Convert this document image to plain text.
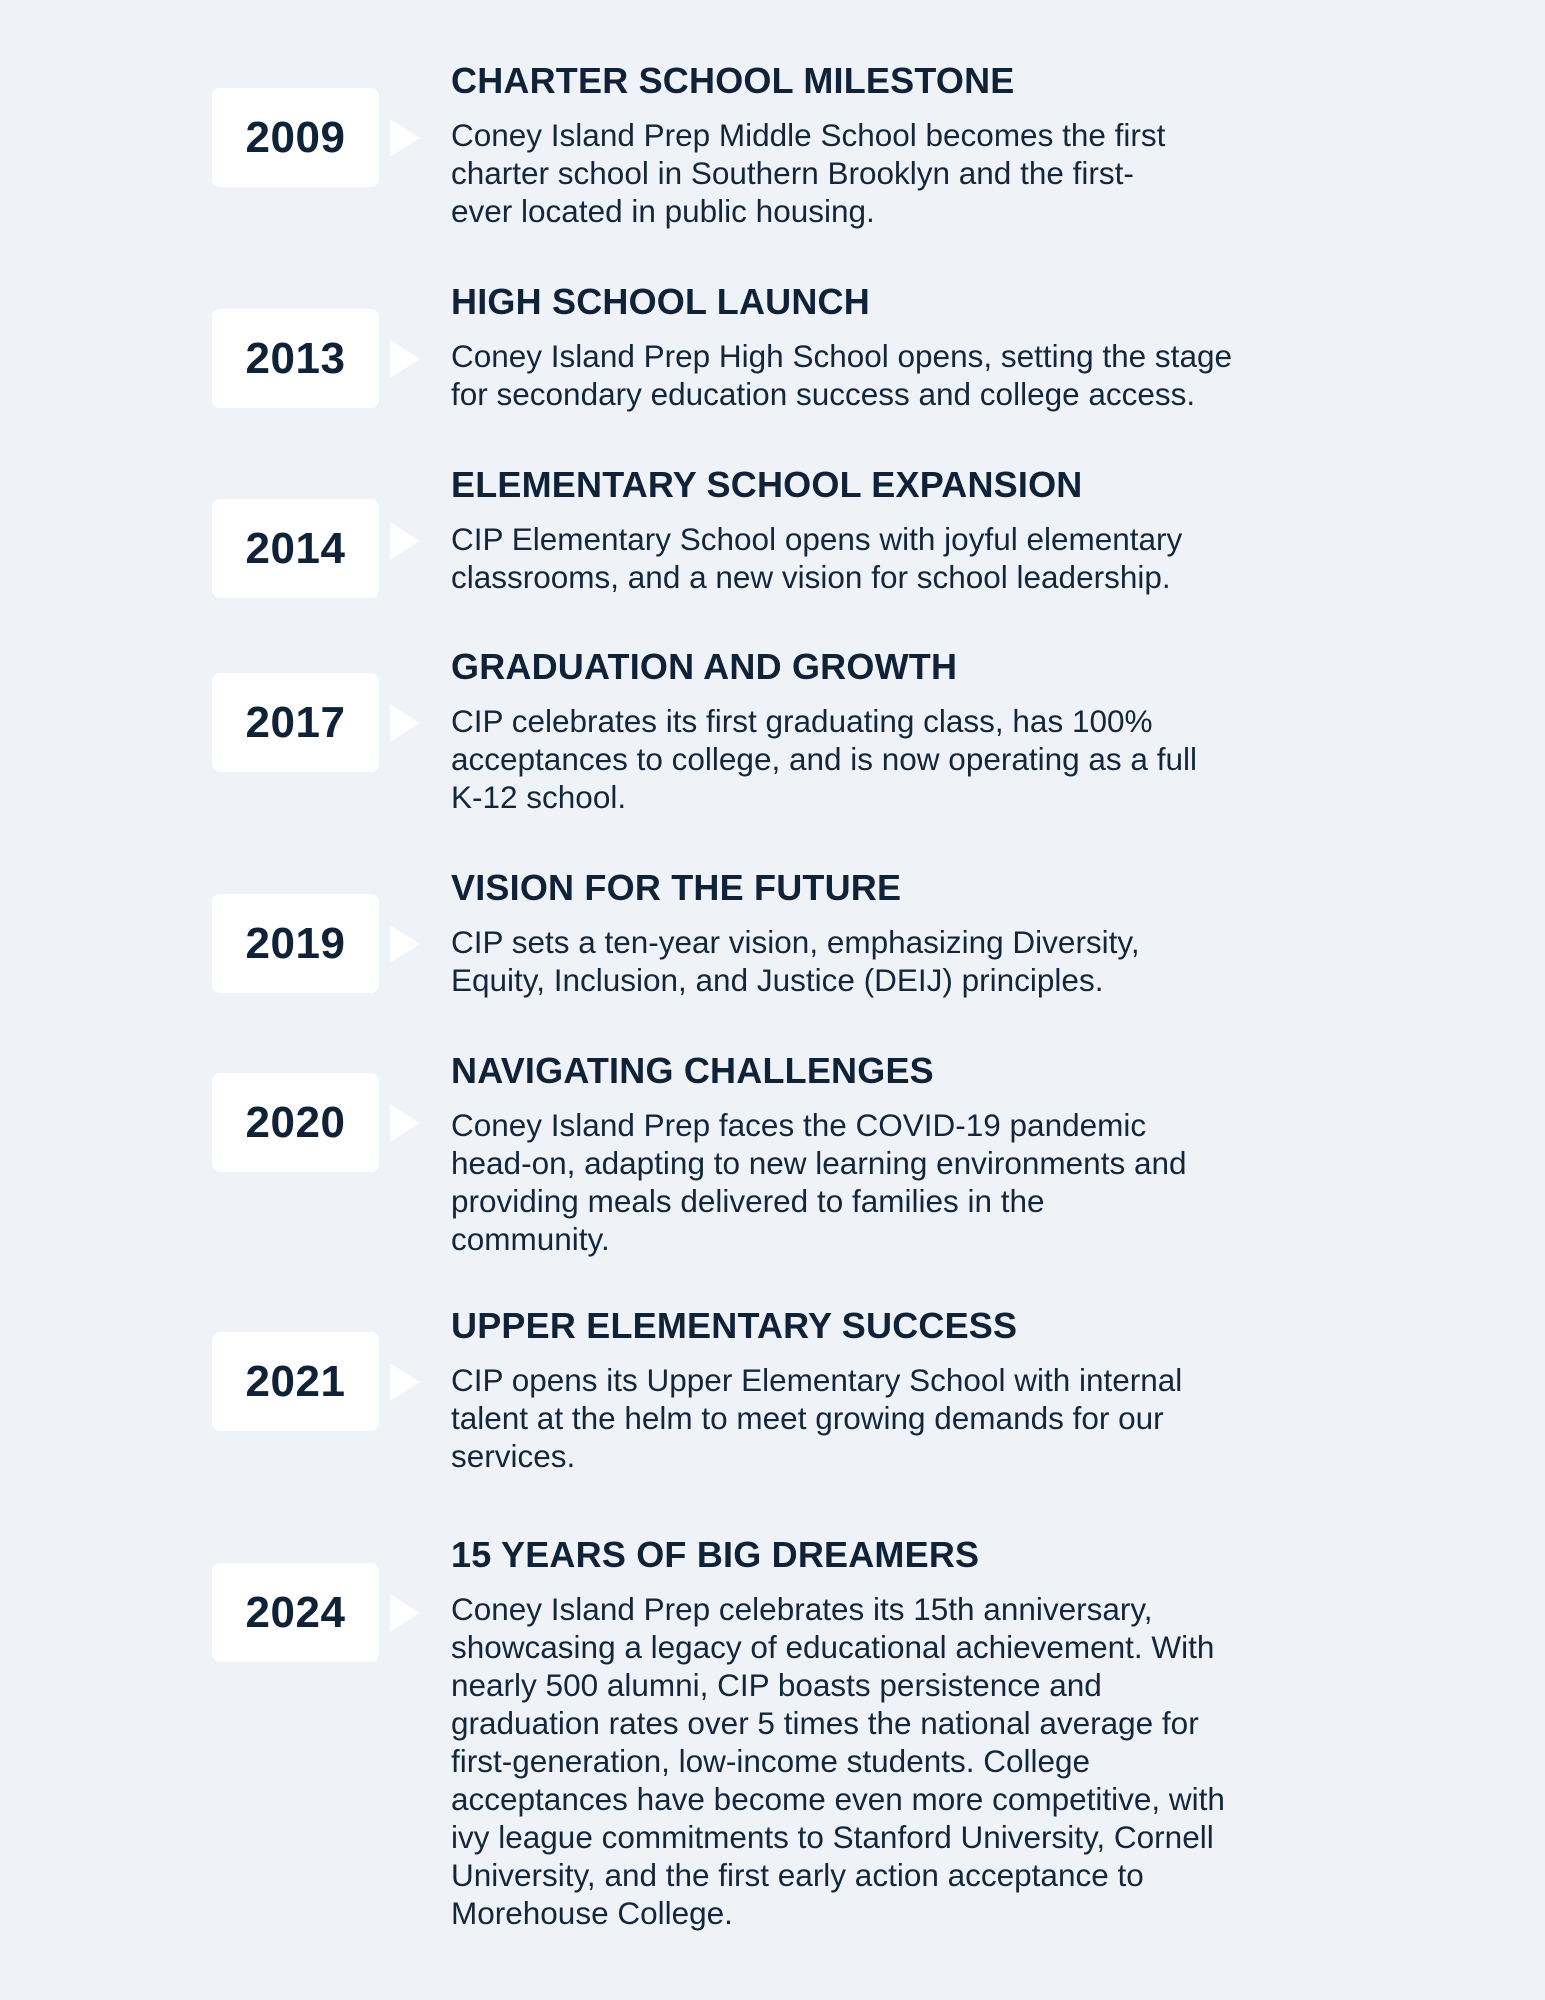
2009
CHARTER SCHOOL MILESTONE

Coney Island Prep Middle School becomes the first
charter school in Southern Brooklyn and the first-
ever located in public housing.

2013
HIGH SCHOOL LAUNCH

Coney Island Prep High School opens, setting the stage
for secondary education success and college access.

2014
ELEMENTARY SCHOOL EXPANSION

CIP Elementary School opens with joyful elementary
classrooms, and a new vision for school leadership.

2017
GRADUATION AND GROWTH

CIP celebrates its first graduating class, has 100%
acceptances to college, and is now operating as a full
K-12 school.

2019
VISION FOR THE FUTURE

CIP sets a ten-year vision, emphasizing Diversity,
Equity, Inclusion, and Justice (DEIJ) principles.

2020
NAVIGATING CHALLENGES

Coney Island Prep faces the COVID-19 pandemic
head-on, adapting to new learning environments and
providing meals delivered to families in the
community.

2021
UPPER ELEMENTARY SUCCESS

CIP opens its Upper Elementary School with internal
talent at the helm to meet growing demands for our
services.

2024
15 YEARS OF BIG DREAMERS

Coney Island Prep celebrates its 15th anniversary,
showcasing a legacy of educational achievement. With
nearly 500 alumni, CIP boasts persistence and
graduation rates over 5 times the national average for
first-generation, low-income students. College
acceptances have become even more competitive, with
ivy league commitments to Stanford University, Cornell
University, and the first early action acceptance to
Morehouse College.
